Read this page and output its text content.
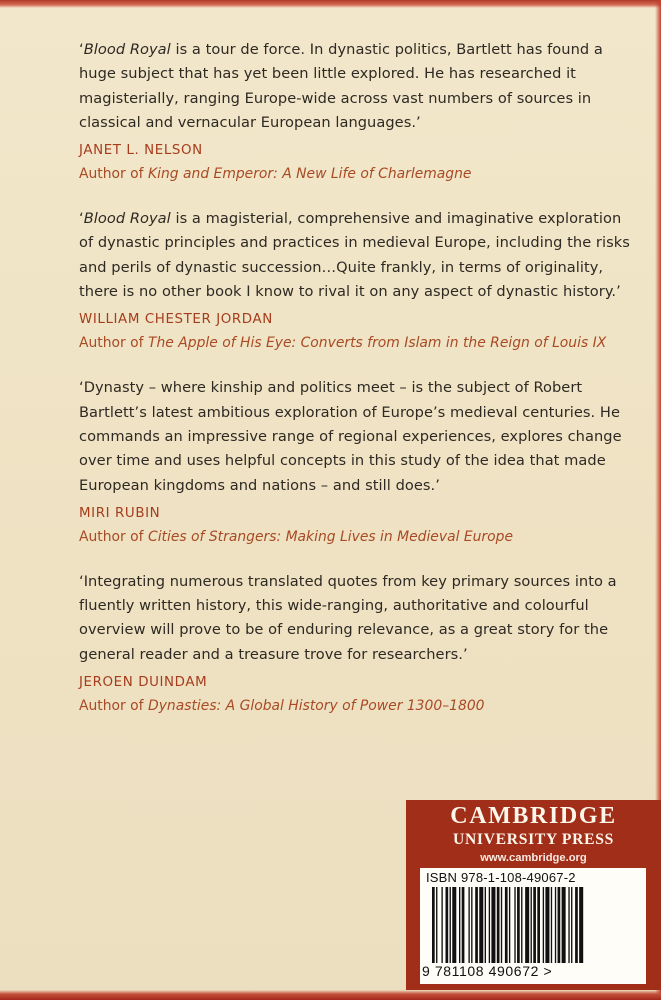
‘Blood Royal is a tour de force. In dynastic politics, Bartlett has found a huge subject that has yet been little explored. He has researched it magisterially, ranging Europe-wide across vast numbers of sources in classical and vernacular European languages.’

JANET L. NELSON

Author of King and Emperor: A New Life of Charlemagne

‘Blood Royal is a magisterial, comprehensive and imaginative exploration of dynastic principles and practices in medieval Europe, including the risks and perils of dynastic succession…Quite frankly, in terms of originality, there is no other book I know to rival it on any aspect of dynastic history.’

WILLIAM CHESTER JORDAN

Author of The Apple of His Eye: Converts from Islam in the Reign of Louis IX

‘Dynasty – where kinship and politics meet – is the subject of Robert Bartlett’s latest ambitious exploration of Europe’s medieval centuries. He commands an impressive range of regional experiences, explores change over time and uses helpful concepts in this study of the idea that made European kingdoms and nations – and still does.’

MIRI RUBIN

Author of Cities of Strangers: Making Lives in Medieval Europe

‘Integrating numerous translated quotes from key primary sources into a fluently written history, this wide-ranging, authoritative and colourful overview will prove to be of enduring relevance, as a great story for the general reader and a treasure trove for researchers.’

JEROEN DUINDAM

Author of Dynasties: A Global History of Power 1300–1800

CAMBRIDGE
UNIVERSITY PRESS
www.cambridge.org
ISBN 978-1-108-49067-2
9 781108 490672 >
